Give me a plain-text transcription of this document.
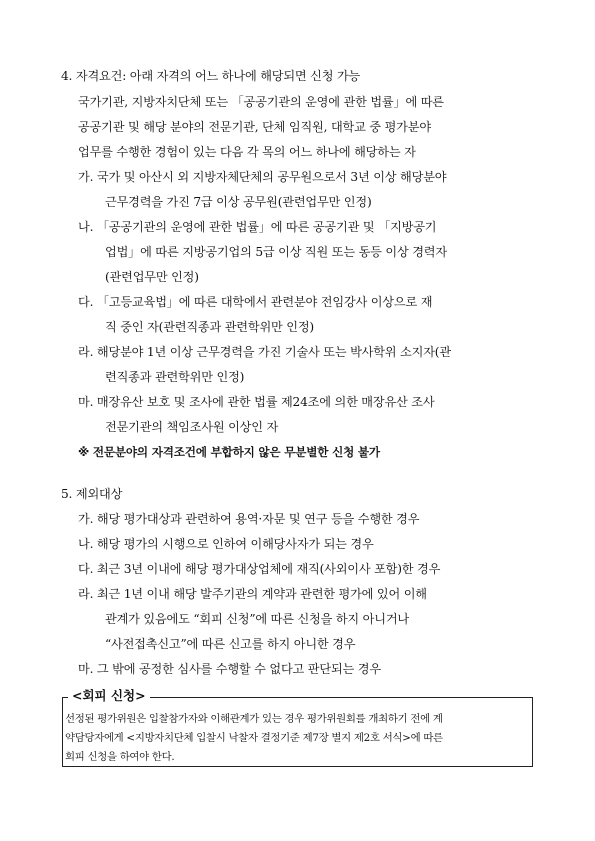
4. 자격요건: 아래 자격의 어느 하나에 해당되면 신청 가능
국가기관, 지방자치단체 또는 「공공기관의 운영에 관한 법률」에 따른
공공기관 및 해당 분야의 전문기관, 단체 임직원, 대학교 중 평가분야
업무를 수행한 경험이 있는 다음 각 목의 어느 하나에 해당하는 자
가. 국가 및 아산시 외 지방자체단체의 공무원으로서 3년 이상 해당분야
근무경력을 가진 7급 이상 공무원(관련업무만 인정)
나. 「공공기관의 운영에 관한 법률」에 따른 공공기관 및 「지방공기
업법」에 따른 지방공기업의 5급 이상 직원 또는 동등 이상 경력자
(관련업무만 인정)
다. 「고등교육법」에 따른 대학에서 관련분야 전임강사 이상으로 재
직 중인 자(관련직종과 관련학위만 인정)
라. 해당분야 1년 이상 근무경력을 가진 기술사 또는 박사학위 소지자(관
련직종과 관련학위만 인정)
마. 매장유산 보호 및 조사에 관한 법률 제24조에 의한 매장유산 조사
전문기관의 책임조사원 이상인 자
※ 전문분야의 자격조건에 부합하지 않은 무분별한 신청 불가
5. 제외대상
가. 해당 평가대상과 관련하여 용역·자문 및 연구 등을 수행한 경우
나. 해당 평가의 시행으로 인하여 이해당사자가 되는 경우
다. 최근 3년 이내에 해당 평가대상업체에 재직(사외이사 포함)한 경우
라. 최근 1년 이내 해당 발주기관의 계약과 관련한 평가에 있어 이해
관계가 있음에도 “회피 신청”에 따른 신청을 하지 아니거나
“사전접촉신고”에 따른 신고를 하지 아니한 경우
마. 그 밖에 공정한 심사를 수행할 수 없다고 판단되는 경우
<회피 신청>
선정된 평가위원은 입찰참가자와 이해관계가 있는 경우 평가위원회를 개최하기 전에 계
약담당자에게 <지방자치단체 입찰시 낙찰자 결정기준 제7장 별지 제2호 서식>에 따른
회피 신청을 하여야 한다.
